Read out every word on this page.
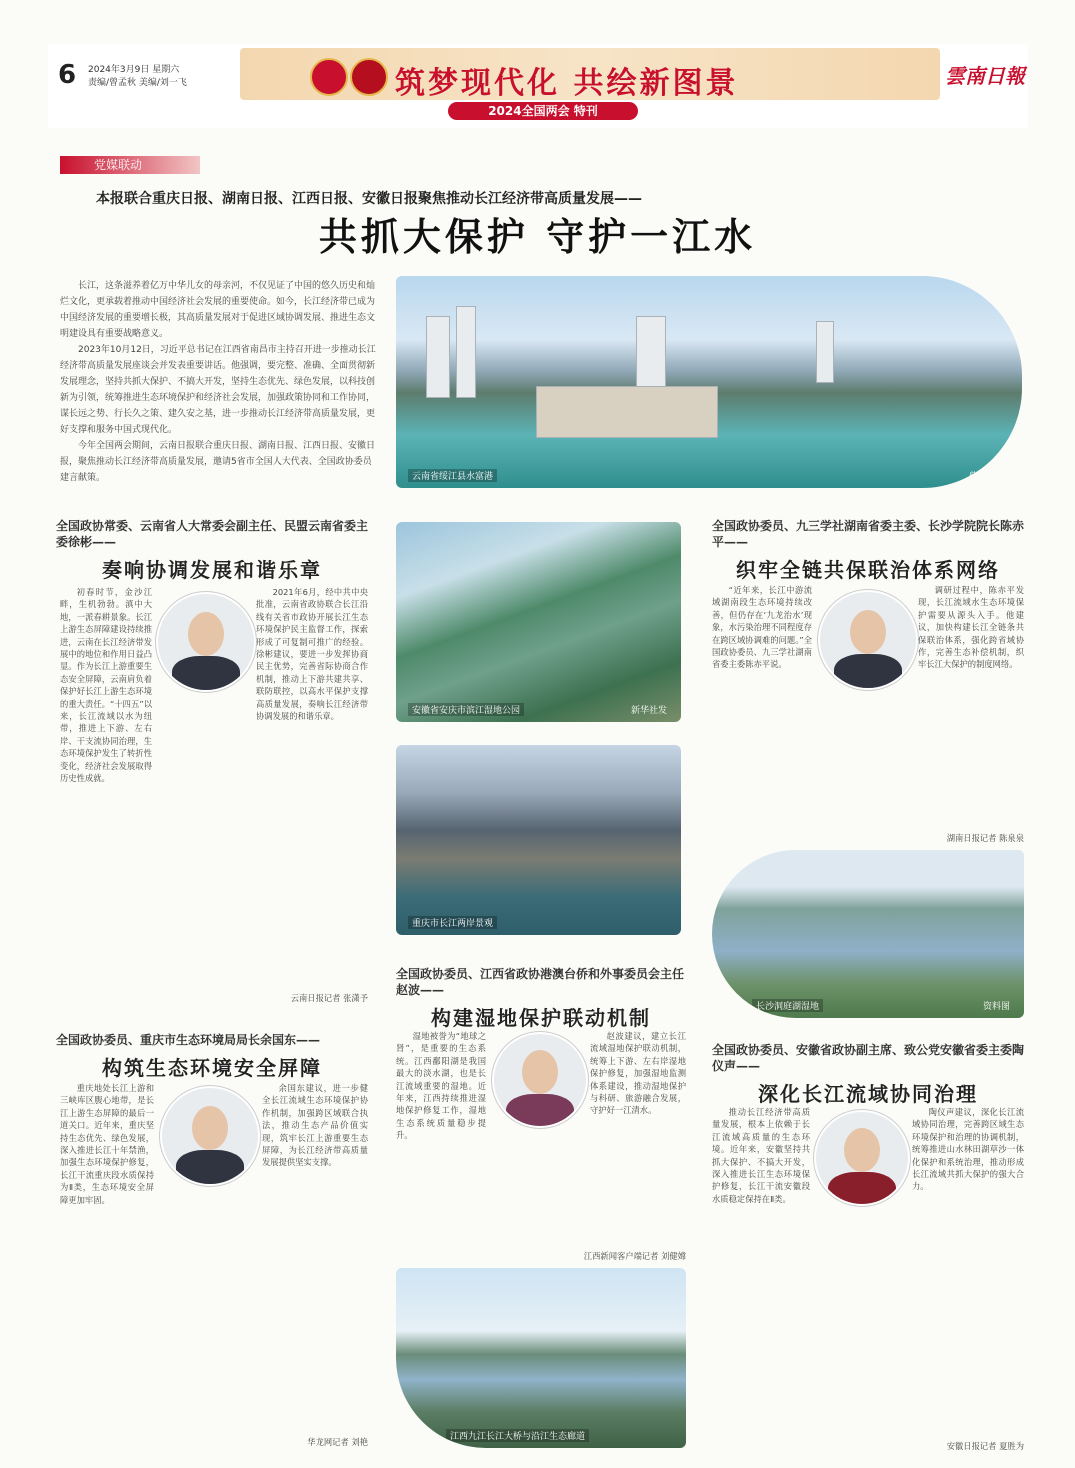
6 2024年3月9日 星期六
责编/曾孟秋 美编/刘一飞	筑梦现代化 共绘新图景
2024全国两会 特刊
雲南日報
党媒联动
本报联合重庆日报、湖南日报、江西日报、安徽日报聚焦推动长江经济带高质量发展——
共抓大保护 守护一江水

长江，这条滋养着亿万中华儿女的母亲河，不仅见证了中国的悠久历史和灿烂文化，更承载着推动中国经济社会发展的重要使命。如今，长江经济带已成为中国经济发展的重要增长极，其高质量发展对于促进区域协调发展、推进生态文明建设具有重要战略意义。

2023年10月12日，习近平总书记在江西省南昌市主持召开进一步推动长江经济带高质量发展座谈会并发表重要讲话。他强调，要完整、准确、全面贯彻新发展理念，坚持共抓大保护、不搞大开发，坚持生态优先、绿色发展，以科技创新为引领，统筹推进生态环境保护和经济社会发展，加强政策协同和工作协同，谋长远之势、行长久之策、建久安之基，进一步推动长江经济带高质量发展，更好支撑和服务中国式现代化。

今年全国两会期间，云南日报联合重庆日报、湖南日报、江西日报、安徽日报，聚焦推动长江经济带高质量发展，邀请5省市全国人大代表、全国政协委员建言献策。	云南省绥江县水富港	柴毅峰 摄
全国政协常委、云南省人大常委会副主任、民盟云南省委主委徐彬——
奏响协调发展和谐乐章

初春时节，金沙江畔，生机勃勃。滇中大地，一派春耕景象。长江上游生态屏障建设持续推进，云南在长江经济带发展中的地位和作用日益凸显。作为长江上游重要生态安全屏障，云南肩负着保护好长江上游生态环境的重大责任。“十四五”以来，长江流域以水为纽带，推进上下游、左右岸、干支流协同治理，生态环境保护发生了转折性变化，经济社会发展取得历史性成就。

2021年6月，经中共中央批准，云南省政协联合长江沿线有关省市政协开展长江生态环境保护民主监督工作，探索形成了可复制可推广的经验。徐彬建议，要进一步发挥协商民主优势，完善省际协商合作机制，推动上下游共建共享、联防联控，以高水平保护支撑高质量发展，奏响长江经济带协调发展的和谐乐章。

云南日报记者 张潇予
安徽省安庆市滨江湿地公园	新华社发
重庆市长江两岸景观
全国政协委员、九三学社湖南省委主委、长沙学院院长陈赤平——
织牢全链共保联治体系网络

“近年来，长江中游流域湖南段生态环境持续改善，但仍存在‘九龙治水’现象，水污染治理不同程度存在跨区域协调难的问题。”全国政协委员、九三学社湖南省委主委陈赤平说。

调研过程中，陈赤平发现，长江流域水生态环境保护需要从源头入手。他建议，加快构建长江全链条共保联治体系，强化跨省域协作，完善生态补偿机制，织牢长江大保护的制度网络。

湖南日报记者 陈泉泉
长沙洞庭湖湿地	资料图
全国政协委员、江西省政协港澳台侨和外事委员会主任赵波——
构建湿地保护联动机制

湿地被誉为“地球之肾”，是重要的生态系统。江西鄱阳湖是我国最大的淡水湖，也是长江流域重要的湿地。近年来，江西持续推进湿地保护修复工作，湿地生态系统质量稳步提升。

赵波建议，建立长江流域湿地保护联动机制，统筹上下游、左右岸湿地保护修复，加强湿地监测体系建设，推动湿地保护与科研、旅游融合发展，守护好一江清水。

江西新闻客户端记者 刘健嫦
江西九江长江大桥与沿江生态廊道
全国政协委员、重庆市生态环境局局长余国东——
构筑生态环境安全屏障

重庆地处长江上游和三峡库区腹心地带，是长江上游生态屏障的最后一道关口。近年来，重庆坚持生态优先、绿色发展，深入推进长江十年禁渔，加强生态环境保护修复，长江干流重庆段水质保持为Ⅱ类，生态环境安全屏障更加牢固。

余国东建议，进一步健全长江流域生态环境保护协作机制，加强跨区域联合执法，推动生态产品价值实现，筑牢长江上游重要生态屏障，为长江经济带高质量发展提供坚实支撑。

华龙网记者 刘艳
全国政协委员、安徽省政协副主席、致公党安徽省委主委陶仪声——
深化长江流域协同治理

推动长江经济带高质量发展，根本上依赖于长江流域高质量的生态环境。近年来，安徽坚持共抓大保护、不搞大开发，深入推进长江生态环境保护修复，长江干流安徽段水质稳定保持在Ⅱ类。

陶仪声建议，深化长江流域协同治理，完善跨区域生态环境保护和治理的协调机制，统筹推进山水林田湖草沙一体化保护和系统治理，推动形成长江流域共抓大保护的强大合力。

安徽日报记者 夏胜为
